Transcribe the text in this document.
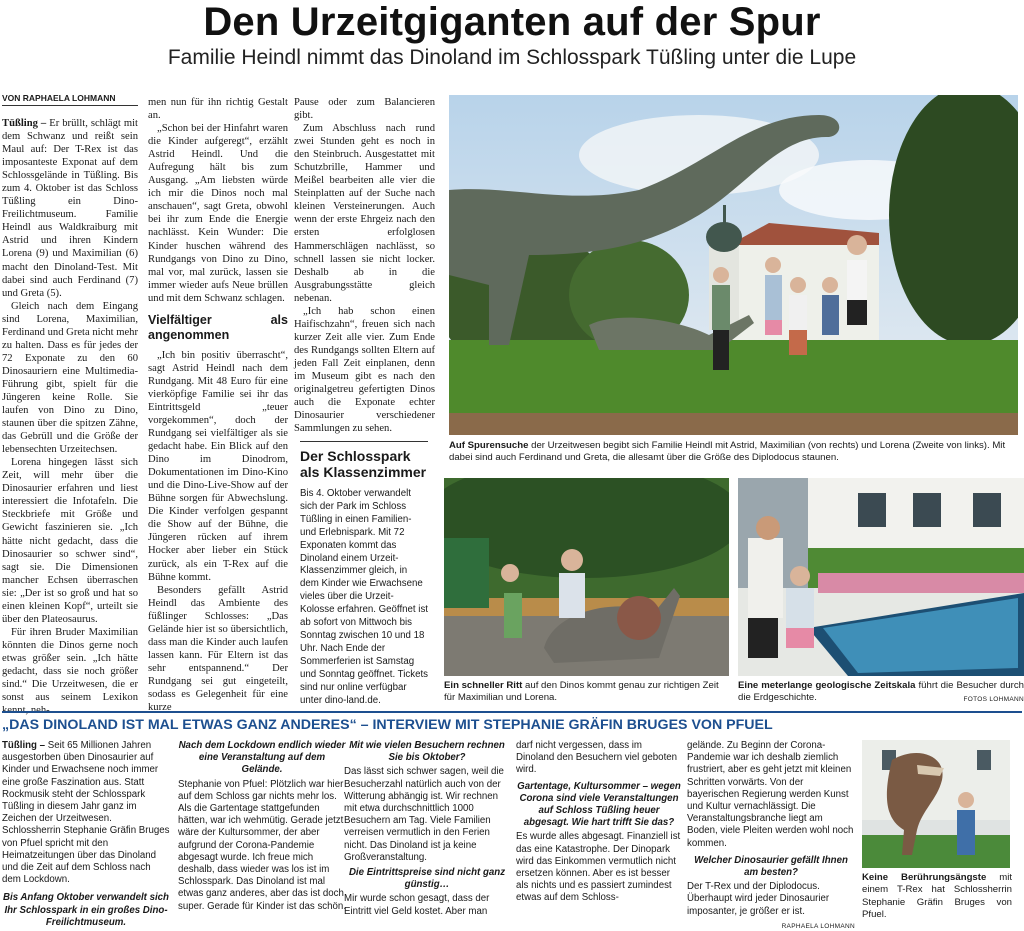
Den Urzeitgiganten auf der Spur
Familie Heindl nimmt das Dinoland im Schlosspark Tüßling unter die Lupe
VON RAPHAELA LOHMANN

Tüßling – Er brüllt, schlägt mit dem Schwanz und reißt sein Maul auf: Der T-Rex ist das imposanteste Exponat auf dem Schlossgelände in Tüßling. Bis zum 4. Oktober ist das Schloss Tüßling ein Dino-Freilichtmuseum. Familie Heindl aus Waldkraiburg mit Astrid und ihren Kindern Lorena (9) und Maximilian (6) macht den Dinoland-Test. Mit dabei sind auch Ferdinand (7) und Greta (5).

Gleich nach dem Eingang sind Lorena, Maximilian, Ferdinand und Greta nicht mehr zu halten. Dass es für jedes der 72 Exponate zu den 60 Dinosauriern eine Multimedia-Führung gibt, spielt für die Jüngeren keine Rolle. Sie laufen von Dino zu Dino, staunen über die spitzen Zähne, das Gebrüll und die Größe der lebensechten Urzeitechsen.

Lorena hingegen lässt sich Zeit, will mehr über die Dinosaurier erfahren und liest interessiert die Infotafeln. Die Steckbriefe mit Größe und Gewicht faszinieren sie. „Ich hätte nicht gedacht, dass die Dinosaurier so schwer sind“, sagt sie. Die Dimensionen mancher Echsen überraschen sie: „Der ist so groß und hat so einen kleinen Kopf“, urteilt sie über den Plateosaurus.

Für ihren Bruder Maximilian könnten die Dinos gerne noch etwas größer sein. „Ich hätte gedacht, dass sie noch größer sind.“ Die Urzeitwesen, die er sonst aus seinem Lexikon kennt, neh-

men nun für ihn richtig Gestalt an.

„Schon bei der Hinfahrt waren die Kinder aufgeregt“, erzählt Astrid Heindl. Und die Aufregung hält bis zum Ausgang. „Am liebsten würde ich mir die Dinos noch mal anschauen“, sagt Greta, obwohl bei ihr zum Ende die Energie nachlässt. Kein Wunder: Die Kinder huschen während des Rundgangs von Dino zu Dino, mal vor, mal zurück, lassen sie immer wieder aufs Neue brüllen und mit dem Schwanz schlagen.

Vielfältiger als angenommen

„Ich bin positiv überrascht“, sagt Astrid Heindl nach dem Rundgang. Mit 48 Euro für eine vierköpfige Familie sei ihr das Eintrittsgeld „teuer vorgekommen“, doch der Rundgang sei vielfältiger als sie gedacht habe. Ein Blick auf den Dino im Dinodrom, Dokumentationen im Dino-Kino und die Dino-Live-Show auf der Bühne sorgen für Abwechslung. Die Kinder verfolgen gespannt die Show auf der Bühne, die Jüngeren rücken auf ihrem Hocker aber lieber ein Stück zurück, als ein T-Rex auf die Bühne kommt.

Besonders gefällt Astrid Heindl das Ambiente des füßlinger Schlosses: „Das Gelände hier ist so übersichtlich, dass man die Kinder auch laufen lassen kann. Für Eltern ist das sehr entspannend.“ Der Rundgang sei gut eingeteilt, sodass es Gelegenheit für eine kurze

Pause oder zum Balancieren gibt.

Zum Abschluss nach rund zwei Stunden geht es noch in den Steinbruch. Ausgestattet mit Schutzbrille, Hammer und Meißel bearbeiten alle vier die Steinplatten auf der Suche nach kleinen Versteinerungen. Auch wenn der erste Ehrgeiz nach den ersten erfolglosen Hammerschlägen nachlässt, so schnell lassen sie nicht locker. Deshalb ab in die Ausgrabungsstätte gleich nebenan.

„Ich hab schon einen Haifischzahn“, freuen sich nach kurzer Zeit alle vier. Zum Ende des Rundgangs sollten Eltern auf jeden Fall Zeit einplanen, denn im Museum gibt es nach den originalgetreu gefertigten Dinos auch die Exponate echter Dinosaurier verschiedener Sammlungen zu sehen.

Der Schlosspark als Klassenzimmer
Bis 4. Oktober verwandelt sich der Park im Schloss Tüßling in einen Familien- und Erlebnispark. Mit 72 Exponaten kommt das Dinoland einem Urzeit-Klassenzimmer gleich, in dem Kinder wie Erwachsene vieles über die Urzeit-Kolosse erfahren. Geöffnet ist ab sofort von Mittwoch bis Sonntag zwischen 10 und 18 Uhr. Nach Ende der Sommerferien ist Samstag und Sonntag geöffnet. Tickets sind nur online verfügbar unter dino-land.de.
Auf Spurensuche der Urzeitwesen begibt sich Familie Heindl mit Astrid, Maximilian (von rechts) und Lorena (Zweite von links). Mit dabei sind auch Ferdinand und Greta, die allesamt über die Größe des Diplodocus staunen.
Ein schneller Ritt auf den Dinos kommt genau zur richtigen Zeit für Maximilian und Lorena.
Eine meterlange geologische Zeitskala führt die Besucher durch die Erdgeschichte.	FOTOS LOHMANN
„DAS DINOLAND IST MAL ETWAS GANZ ANDERES“ – INTERVIEW MIT STEPHANIE GRÄFIN BRUGES VON PFUEL
Tüßling – Seit 65 Millionen Jahren ausgestorben üben Dinosaurier auf Kinder und Erwachsene noch immer eine große Faszination aus. Statt Rockmusik steht der Schlosspark Tüßling in diesem Jahr ganz im Zeichen der Urzeitwesen. Schlossherrin Stephanie Gräfin Bruges von Pfuel spricht mit den Heimatzeitungen über das Dinoland und die Zeit auf dem Schloss nach dem Lockdown.
Bis Anfang Oktober verwandelt sich Ihr Schlosspark in ein großes Dino-Freilichtmuseum.
Nach dem Lockdown endlich wieder eine Veranstaltung auf dem Gelände.
Stephanie von Pfuel: Plötzlich war hier auf dem Schloss gar nichts mehr los. Als die Gartentage stattgefunden hätten, war ich wehmütig. Gerade jetzt wäre der Kultursommer, der aber aufgrund der Corona-Pandemie abgesagt wurde. Ich freue mich deshalb, dass wieder was los ist im Schlosspark. Das Dinoland ist mal etwas ganz anderes, aber das ist doch super. Gerade für Kinder ist das schön.
Mit wie vielen Besuchern rechnen Sie bis Oktober?
Das lässt sich schwer sagen, weil die Besucherzahl natürlich auch von der Witterung abhängig ist. Wir rechnen mit etwa durchschnittlich 1000 Besuchern am Tag. Viele Familien verreisen vermutlich in den Ferien nicht. Das Dinoland ist ja keine Großveranstaltung.
Die Eintrittspreise sind nicht ganz günstig…
Mir wurde schon gesagt, dass der Eintritt viel Geld kostet. Aber man
darf nicht vergessen, dass im Dinoland den Besuchern viel geboten wird.
Gartentage, Kultursommer – wegen Corona sind viele Veranstaltungen auf Schloss Tüßling heuer abgesagt. Wie hart trifft Sie das?
Es wurde alles abgesagt. Finanziell ist das eine Katastrophe. Der Dinopark wird das Einkommen vermutlich nicht ersetzen können. Aber es ist besser als nichts und es passiert zumindest etwas auf dem Schloss-
gelände. Zu Beginn der Corona-Pandemie war ich deshalb ziemlich frustriert, aber es geht jetzt mit kleinen Schritten vorwärts. Von der bayerischen Regierung werden Kunst und Kultur vernachlässigt. Die Veranstaltungsbranche liegt am Boden, viele Pleiten werden wohl noch kommen.
Welcher Dinosaurier gefällt Ihnen am besten?
Der T-Rex und der Diplodocus. Überhaupt wird jeder Dinosaurier imposanter, je größer er ist.
RAPHAELA LOHMANN
Keine Berührungsängste mit einem T-Rex hat Schlossherrin Stephanie Gräfin Bruges von Pfuel.
